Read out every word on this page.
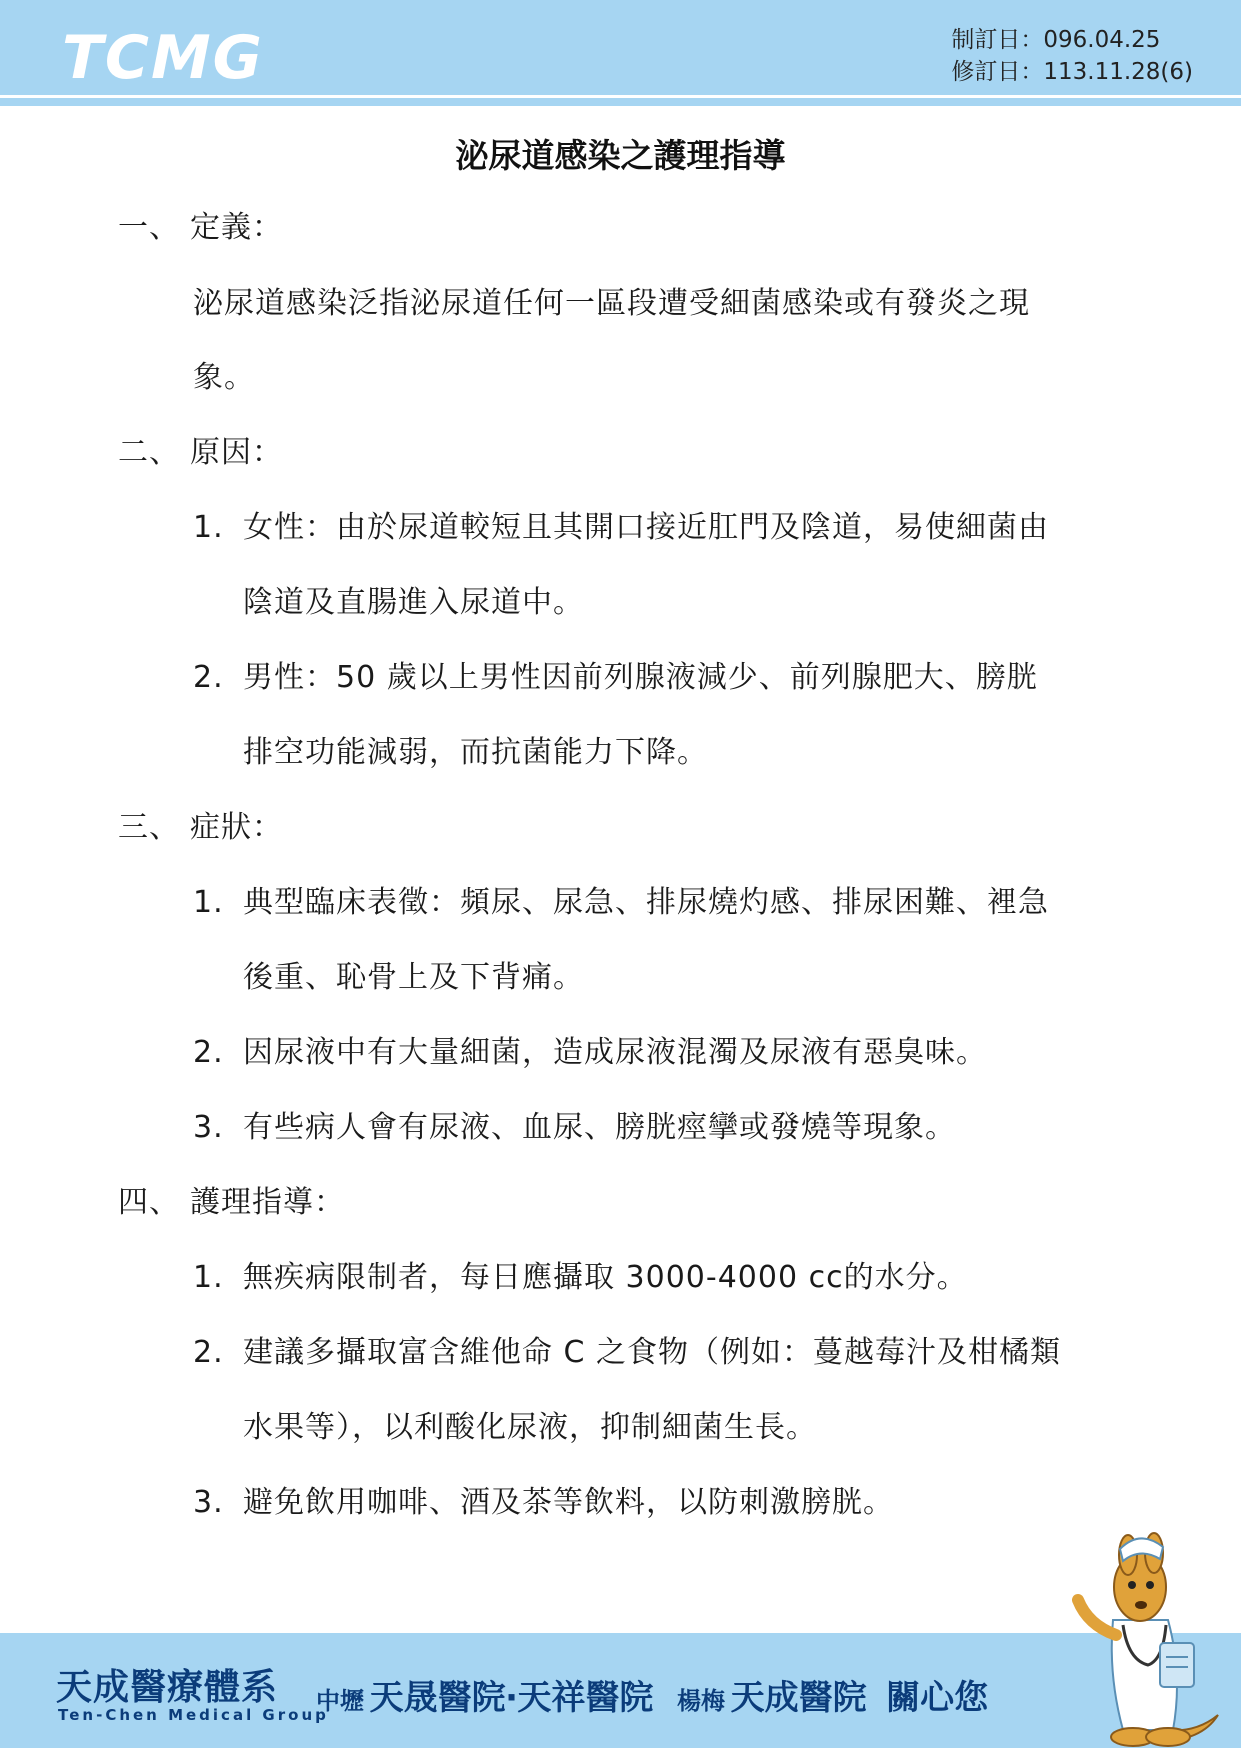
TCMG	制訂日：096.04.25
修訂日：113.11.28(6)
泌尿道感染之護理指導
一、 定義：
泌尿道感染泛指泌尿道任何一區段遭受細菌感染或有發炎之現
象。
二、 原因：
1. 女性：由於尿道較短且其開口接近肛門及陰道，易使細菌由
陰道及直腸進入尿道中。
2. 男性：50 歲以上男性因前列腺液減少、前列腺肥大、膀胱
排空功能減弱，而抗菌能力下降。
三、 症狀：
1. 典型臨床表徵：頻尿、尿急、排尿燒灼感、排尿困難、裡急
後重、恥骨上及下背痛。
2. 因尿液中有大量細菌，造成尿液混濁及尿液有惡臭味。
3. 有些病人會有尿液、血尿、膀胱痙攣或發燒等現象。
四、 護理指導：
1. 無疾病限制者，每日應攝取 3000-4000 cc的水分。
2. 建議多攝取富含維他命 C 之食物（例如：蔓越莓汁及柑橘類
水果等），以利酸化尿液，抑制細菌生長。
3. 避免飲用咖啡、酒及茶等飲料，以防刺激膀胱。
天成醫療體系
Ten-Chen Medical Group
中壢 天晟醫院‧天祥醫院 楊梅 天成醫院 關心您
